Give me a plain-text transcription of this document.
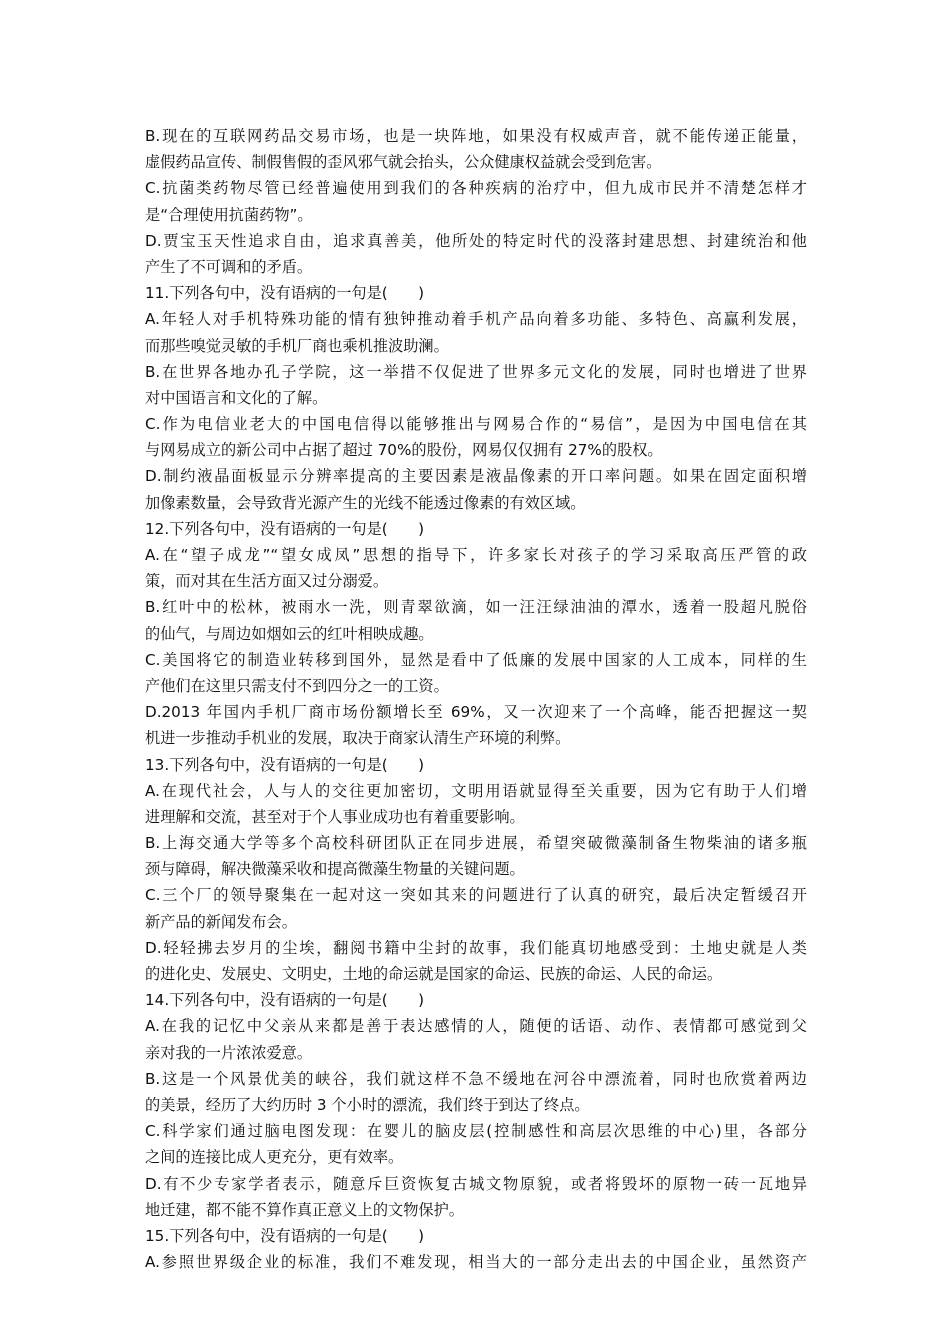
B.现在的互联网药品交易市场，也是一块阵地，如果没有权威声音，就不能传递正能量，
虚假药品宣传、制假售假的歪风邪气就会抬头，公众健康权益就会受到危害。
C.抗菌类药物尽管已经普遍使用到我们的各种疾病的治疗中，但九成市民并不清楚怎样才
是“合理使用抗菌药物”。
D.贾宝玉天性追求自由，追求真善美，他所处的特定时代的没落封建思想、封建统治和他
产生了不可调和的矛盾。
11.下列各句中，没有语病的一句是(　　)
A.年轻人对手机特殊功能的情有独钟推动着手机产品向着多功能、多特色、高赢利发展，
而那些嗅觉灵敏的手机厂商也乘机推波助澜。
B.在世界各地办孔子学院，这一举措不仅促进了世界多元文化的发展，同时也增进了世界
对中国语言和文化的了解。
C.作为电信业老大的中国电信得以能够推出与网易合作的“易信”，是因为中国电信在其
与网易成立的新公司中占据了超过 70%的股份，网易仅仅拥有 27%的股权。
D.制约液晶面板显示分辨率提高的主要因素是液晶像素的开口率问题。如果在固定面积增
加像素数量，会导致背光源产生的光线不能透过像素的有效区域。
12.下列各句中，没有语病的一句是(　　)
A.在“望子成龙”“望女成凤”思想的指导下，许多家长对孩子的学习采取高压严管的政
策，而对其在生活方面又过分溺爱。
B.红叶中的松林，被雨水一洗，则青翠欲滴，如一汪汪绿油油的潭水，透着一股超凡脱俗
的仙气，与周边如烟如云的红叶相映成趣。
C.美国将它的制造业转移到国外，显然是看中了低廉的发展中国家的人工成本，同样的生
产他们在这里只需支付不到四分之一的工资。
D.2013 年国内手机厂商市场份额增长至 69%，又一次迎来了一个高峰，能否把握这一契
机进一步推动手机业的发展，取决于商家认清生产环境的利弊。
13.下列各句中，没有语病的一句是(　　)
A.在现代社会，人与人的交往更加密切，文明用语就显得至关重要，因为它有助于人们增
进理解和交流，甚至对于个人事业成功也有着重要影响。
B.上海交通大学等多个高校科研团队正在同步进展，希望突破微藻制备生物柴油的诸多瓶
颈与障碍，解决微藻采收和提高微藻生物量的关键问题。
C.三个厂的领导聚集在一起对这一突如其来的问题进行了认真的研究，最后决定暂缓召开
新产品的新闻发布会。
D.轻轻拂去岁月的尘埃，翻阅书籍中尘封的故事，我们能真切地感受到：土地史就是人类
的进化史、发展史、文明史，土地的命运就是国家的命运、民族的命运、人民的命运。
14.下列各句中，没有语病的一句是(　　)
A.在我的记忆中父亲从来都是善于表达感情的人，随便的话语、动作、表情都可感觉到父
亲对我的一片浓浓爱意。
B.这是一个风景优美的峡谷，我们就这样不急不缓地在河谷中漂流着，同时也欣赏着两边
的美景，经历了大约历时 3 个小时的漂流，我们终于到达了终点。
C.科学家们通过脑电图发现：在婴儿的脑皮层(控制感性和高层次思维的中心)里，各部分
之间的连接比成人更充分，更有效率。
D.有不少专家学者表示，随意斥巨资恢复古城文物原貌，或者将毁坏的原物一砖一瓦地异
地迁建，都不能不算作真正意义上的文物保护。
15.下列各句中，没有语病的一句是(　　)
A.参照世界级企业的标准，我们不难发现，相当大的一部分走出去的中国企业，虽然资产
